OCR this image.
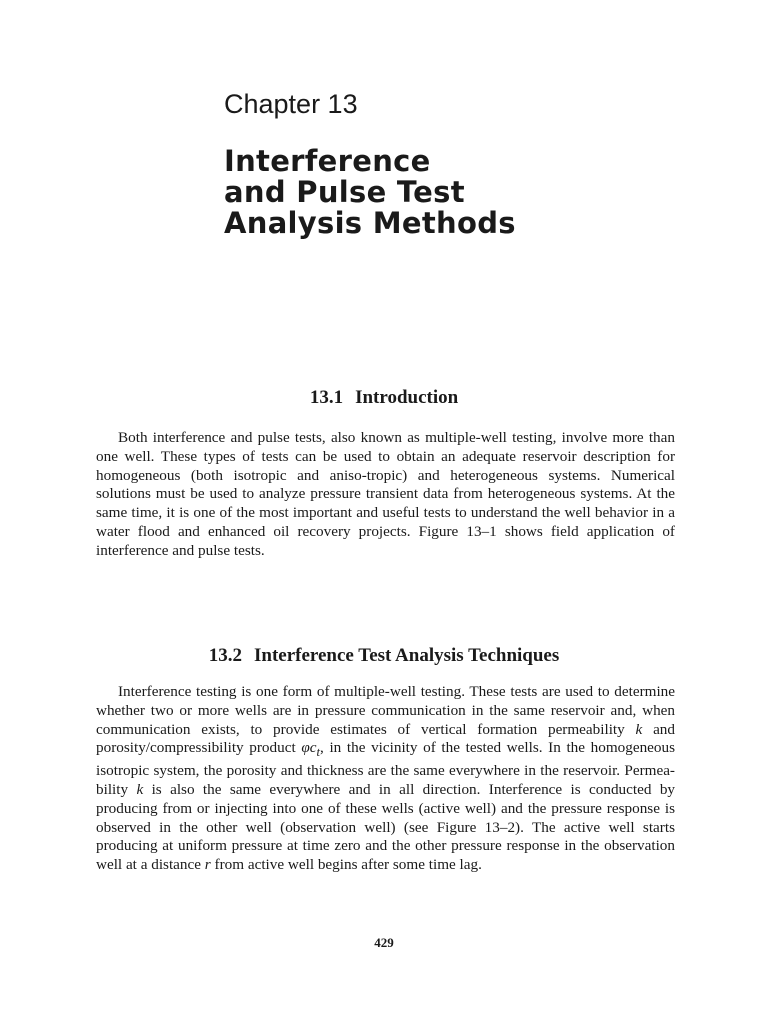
Chapter 13
Interference
and Pulse Test
Analysis Methods
13.1 Introduction

Both interference and pulse tests, also known as multiple-well testing, involve more than one well. These types of tests can be used to obtain an adequate reservoir description for homogeneous (both isotropic and aniso-tropic) and heterogeneous systems. Numerical solutions must be used to analyze pressure transient data from heterogeneous systems. At the same time, it is one of the most important and useful tests to understand the well behavior in a water flood and enhanced oil recovery projects. Figure 13–1 shows field application of interference and pulse tests.

13.2 Interference Test Analysis Techniques

Interference testing is one form of multiple-well testing. These tests are used to determine whether two or more wells are in pressure communication in the same reservoir and, when communication exists, to provide estimates of vertical formation permeability k and porosity/compressibility product $\varphi c_t$, in the vicinity of the tested wells. In the homogeneous isotropic system, the porosity and thickness are the same everywhere in the reservoir. Permea-bility k is also the same everywhere and in all direction. Interference is conducted by producing from or injecting into one of these wells (active well) and the pressure response is observed in the other well (observation well) (see Figure 13–2). The active well starts producing at uniform pressure at time zero and the other pressure response in the observation well at a distance r from active well begins after some time lag.

429
